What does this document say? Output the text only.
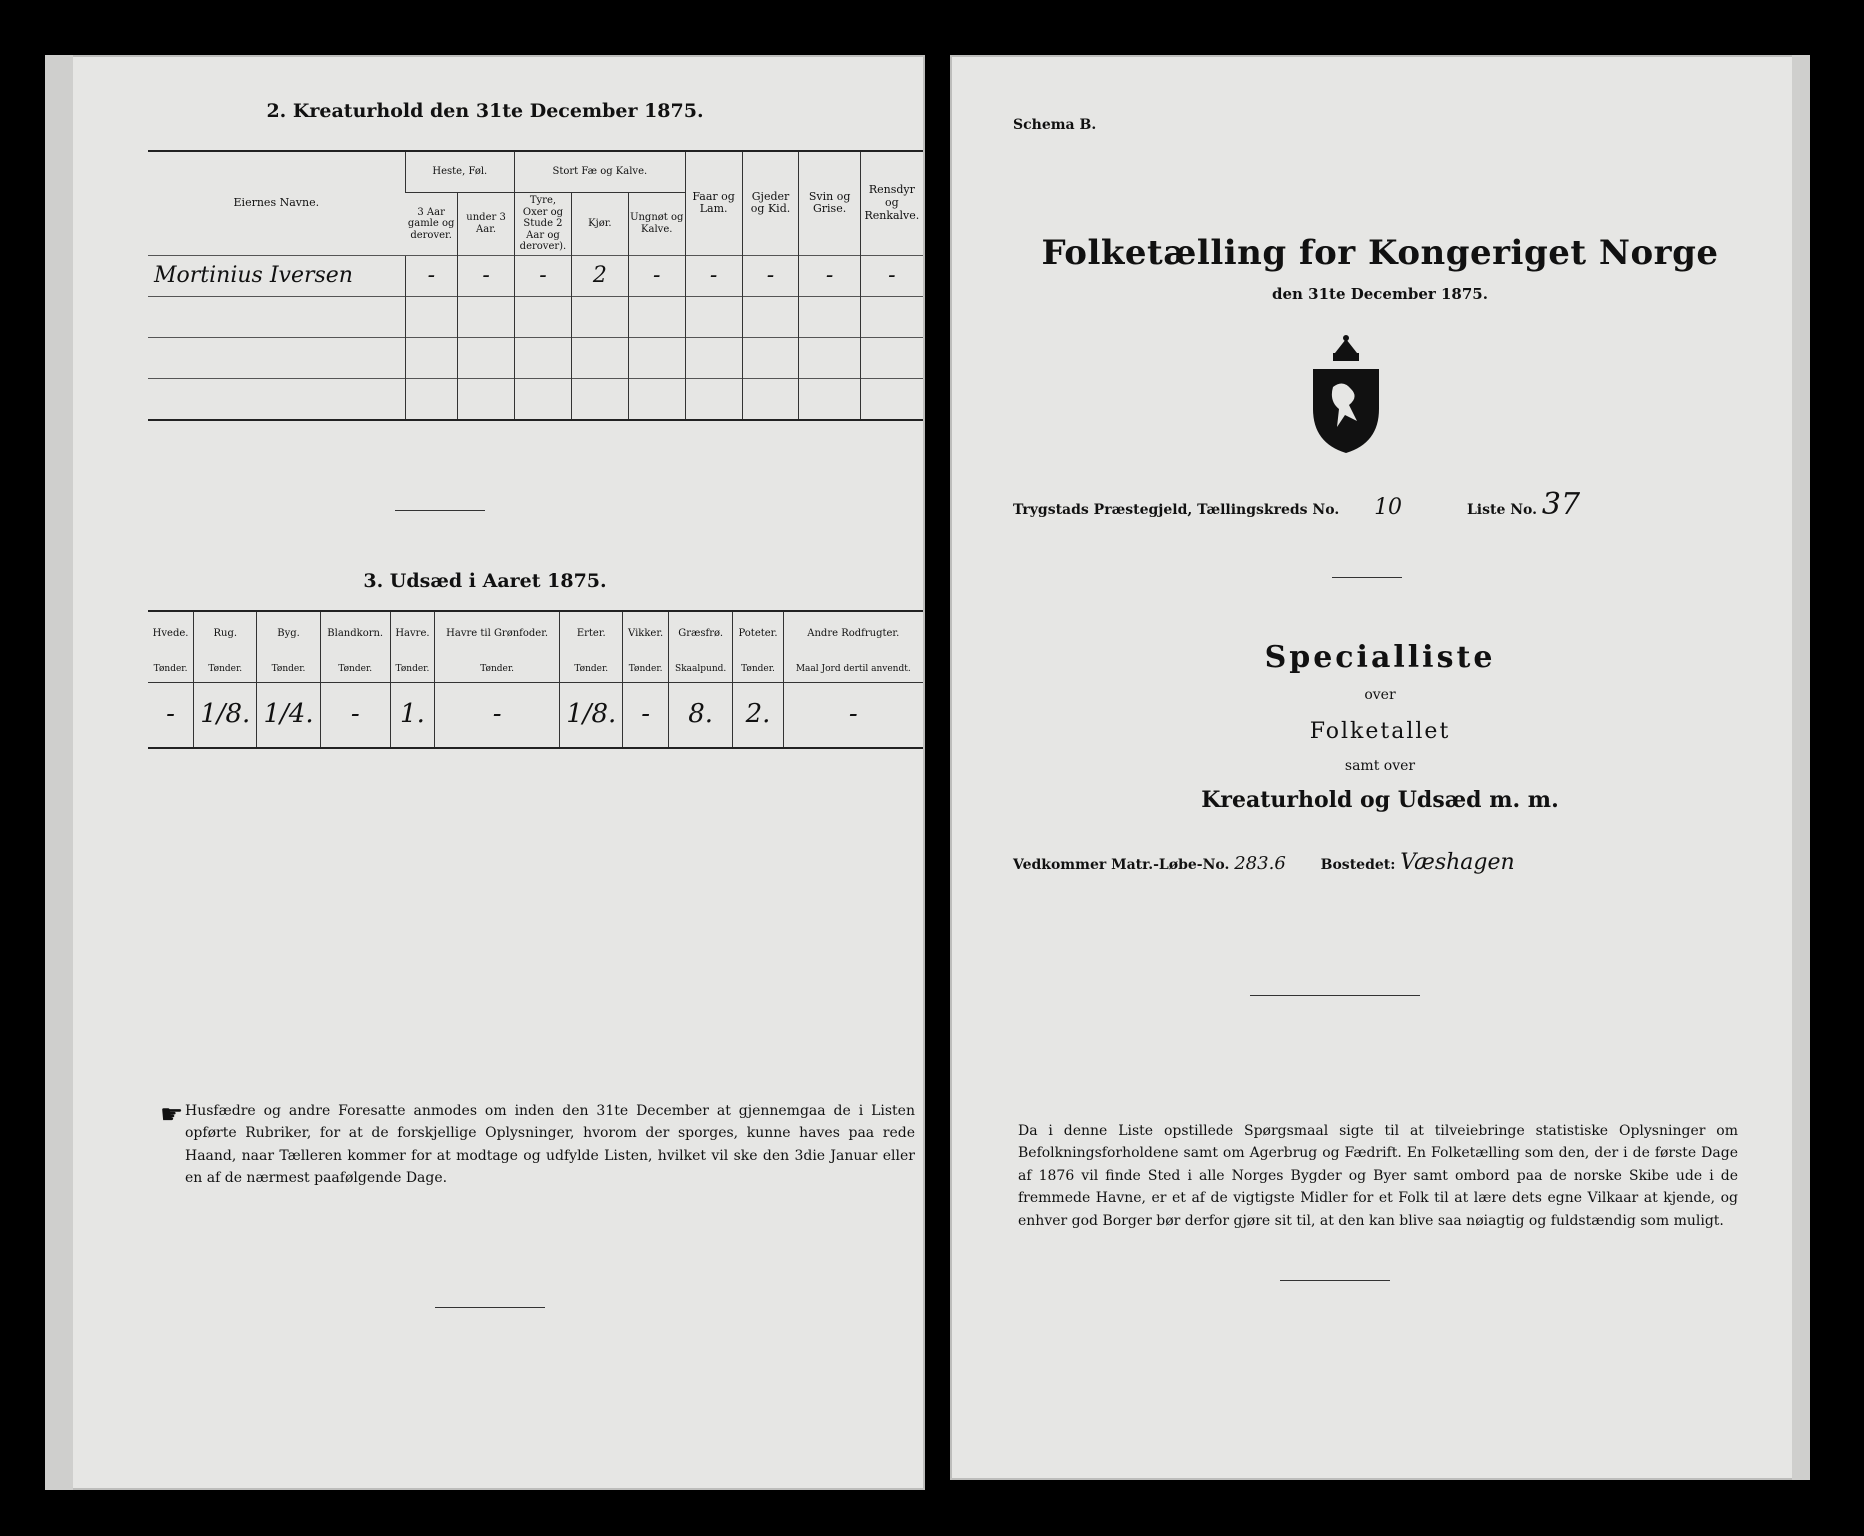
2. Kreaturhold den 31te December 1875.
Eiernes Navne.	Heste, Føl.		Stort Fæ og Kalve.			Faar og Lam.	Gjeder og Kid.	Svin og Grise.	Rensdyr og Renkalve.
	3 Aar gamle og derover.	under 3 Aar.	Tyre, Oxer og Stude 2 Aar og derover).	Kjør.	Ungnøt og Kalve.				
Mortinius Iversen	-	-	-	2	-	-	-	-	-

3. Udsæd i Aaret 1875.
Hvede.	Rug.	Byg.	Blandkorn.	Havre.	Havre til Grønfoder.	Erter.	Vikker.	Græsfrø.	Poteter.	Andre Rodfrugter.
Tønder.	Tønder.	Tønder.	Tønder.	Tønder.	Tønder.	Tønder.	Tønder.	Skaalpund.	Tønder.	Maal Jord dertil anvendt.
-	1/8.	1/4.	-	1.	-	1/8.	-	8.	2.	-
☛ Husfædre og andre Foresatte anmodes om inden den 31te December at gjennemgaa de i Listen opførte Rubriker, for at de forskjellige Oplysninger, hvorom der sporges, kunne haves paa rede Haand, naar Tælleren kommer for at modtage og udfylde Listen, hvilket vil ske den 3die Januar eller en af de nærmest paafølgende Dage.
Schema B.
Folketælling for Kongeriget Norge
den 31te December 1875.
Trygstads Præstegjeld, Tællingskreds No. 10	Liste No. 37
Specialliste
over
Folketallet
samt over
Kreaturhold og Udsæd m. m.
Vedkommer Matr.-Løbe-No. 283.6 Bostedet: Væshagen
Da i denne Liste opstillede Spørgsmaal sigte til at tilveiebringe statistiske Oplysninger om Befolkningsforholdene samt om Agerbrug og Fædrift. En Folketælling som den, der i de første Dage af 1876 vil finde Sted i alle Norges Bygder og Byer samt ombord paa de norske Skibe ude i de fremmede Havne, er et af de vigtigste Midler for et Folk til at lære dets egne Vilkaar at kjende, og enhver god Borger bør derfor gjøre sit til, at den kan blive saa nøiagtig og fuldstændig som muligt.
